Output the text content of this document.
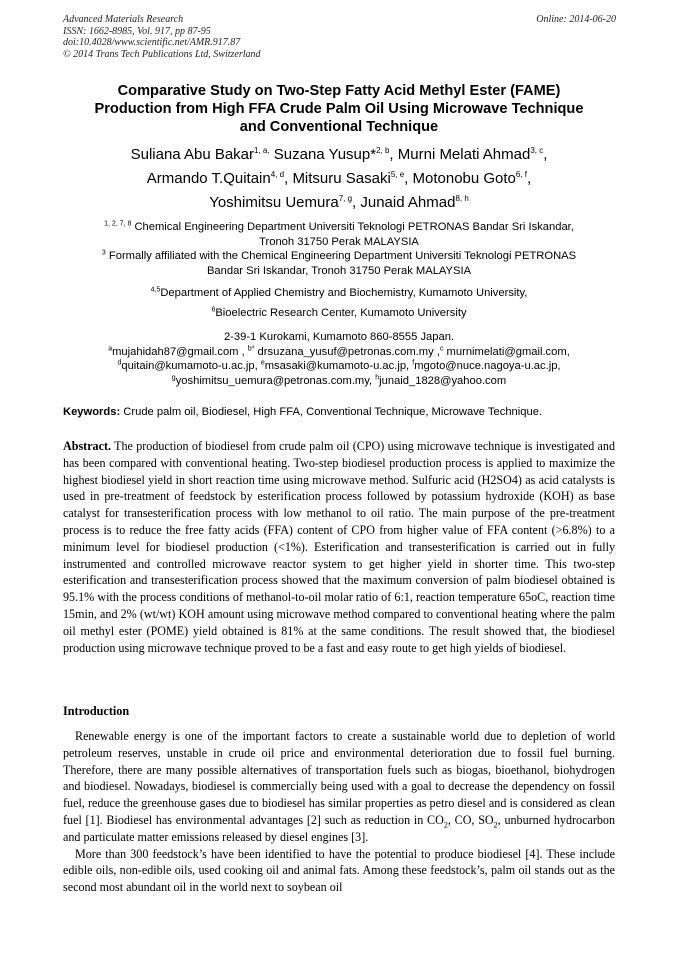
Advanced Materials Research
ISSN: 1662-8985, Vol. 917, pp 87-95
doi:10.4028/www.scientific.net/AMR.917.87
© 2014 Trans Tech Publications Ltd, Switzerland
Online: 2014-06-20
Comparative Study on Two-Step Fatty Acid Methyl Ester (FAME)
Production from High FFA Crude Palm Oil Using Microwave Technique
and Conventional Technique
Suliana Abu Bakar$^{1, a,}$ Suzana Yusup*$^{2, b}$, Murni Melati Ahmad$^{3, c}$,
Armando T.Quitain$^{4, d}$, Mitsuru Sasaki$^{5, e}$, Motonobu Goto$^{6, f}$,
Yoshimitsu Uemura$^{7, g}$, Junaid Ahmad$^{8, h}$
$^{1, 2, 7, 8}$ Chemical Engineering Department Universiti Teknologi PETRONAS Bandar Sri Iskandar,
Tronoh 31750 Perak MALAYSIA
$^3$ Formally affiliated with the Chemical Engineering Department Universiti Teknologi PETRONAS
Bandar Sri Iskandar, Tronoh 31750 Perak MALAYSIA
$^{4,5}$Department of Applied Chemistry and Biochemistry, Kumamoto University,
$^6$Bioelectric Research Center, Kumamoto University
2-39-1 Kurokami, Kumamoto 860-8555 Japan.
$^a$mujahidah87@gmail.com , $^{b*}$ drsuzana_yusuf@petronas.com.my ,$^c$ murnimelati@gmail.com,
$^d$quitain@kumamoto-u.ac.jp, $^e$msasaki@kumamoto-u.ac.jp, $^f$mgoto@nuce.nagoya-u.ac.jp,
$^g$yoshimitsu_uemura@petronas.com.my, $^h$junaid_1828@yahoo.com
Keywords: Crude palm oil, Biodiesel, High FFA, Conventional Technique, Microwave Technique.

Abstract. The production of biodiesel from crude palm oil (CPO) using microwave technique is investigated and has been compared with conventional heating. Two-step biodiesel production process is applied to maximize the highest biodiesel yield in short reaction time using microwave method. Sulfuric acid (H2SO4) as acid catalysts is used in pre-treatment of feedstock by esterification process followed by potassium hydroxide (KOH) as base catalyst for transesterification process with low methanol to oil ratio. The main purpose of the pre-treatment process is to reduce the free fatty acids (FFA) content of CPO from higher value of FFA content (>6.8%) to a minimum level for biodiesel production (<1%). Esterification and transesterification is carried out in fully instrumented and controlled microwave reactor system to get higher yield in shorter time. This two-step esterification and transesterification process showed that the maximum conversion of palm biodiesel obtained is 95.1% with the process conditions of methanol-to-oil molar ratio of 6:1, reaction temperature 65oC, reaction time 15min, and 2% (wt/wt) KOH amount using microwave method compared to conventional heating where the palm oil methyl ester (POME) yield obtained is 81% at the same conditions. The result showed that, the biodiesel production using microwave technique proved to be a fast and easy route to get high yields of biodiesel.

Introduction

Renewable energy is one of the important factors to create a sustainable world due to depletion of world petroleum reserves, unstable in crude oil price and environmental deterioration due to fossil fuel burning. Therefore, there are many possible alternatives of transportation fuels such as biogas, bioethanol, biohydrogen and biodiesel. Nowadays, biodiesel is commercially being used with a goal to decrease the dependency on fossil fuel, reduce the greenhouse gases due to biodiesel has similar properties as petro diesel and is considered as clean fuel [1]. Biodiesel has environmental advantages [2] such as reduction in $CO_2$, CO, $SO_2$, unburned hydrocarbon and particulate matter emissions released by diesel engines [3].

More than 300 feedstock’s have been identified to have the potential to produce biodiesel [4]. These include edible oils, non-edible oils, used cooking oil and animal fats. Among these feedstock’s, palm oil stands out as the second most abundant oil in the world next to soybean oil
